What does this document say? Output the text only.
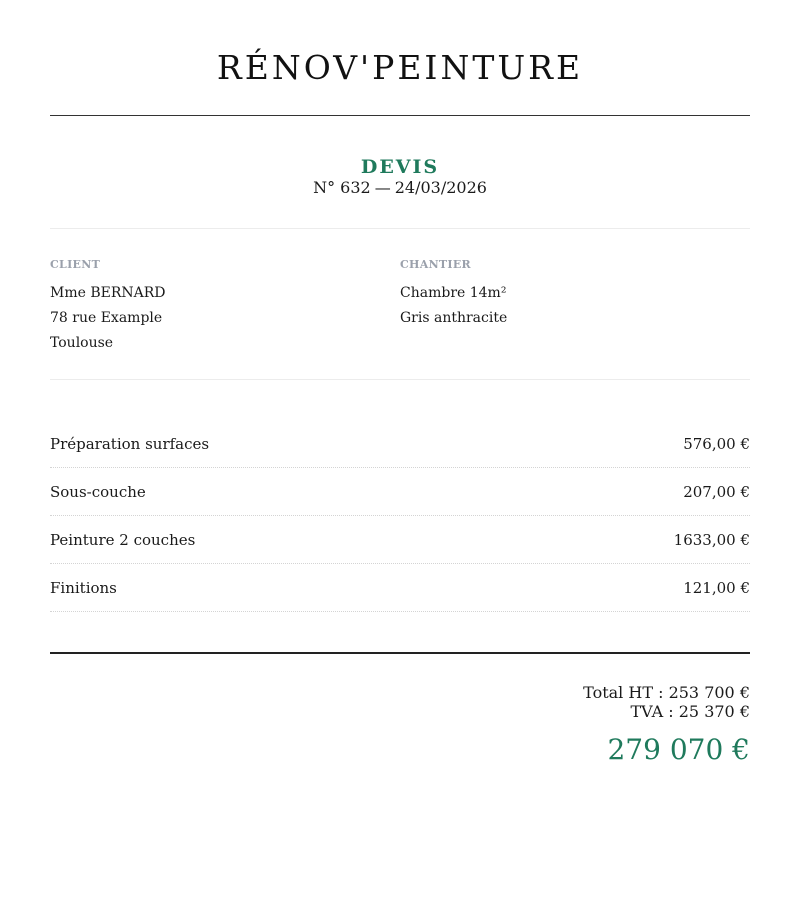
RÉNOV'PEINTURE
DEVIS
N° 632 — 24/03/2026
CLIENT
Mme BERNARD
78 rue Example
Toulouse
CHANTIER
Chambre 14m²
Gris anthracite
Préparation surfaces	576,00 €
Sous-couche	207,00 €
Peinture 2 couches	1633,00 €
Finitions	121,00 €
Total HT : 253 700 €
TVA : 25 370 €
279 070 €
